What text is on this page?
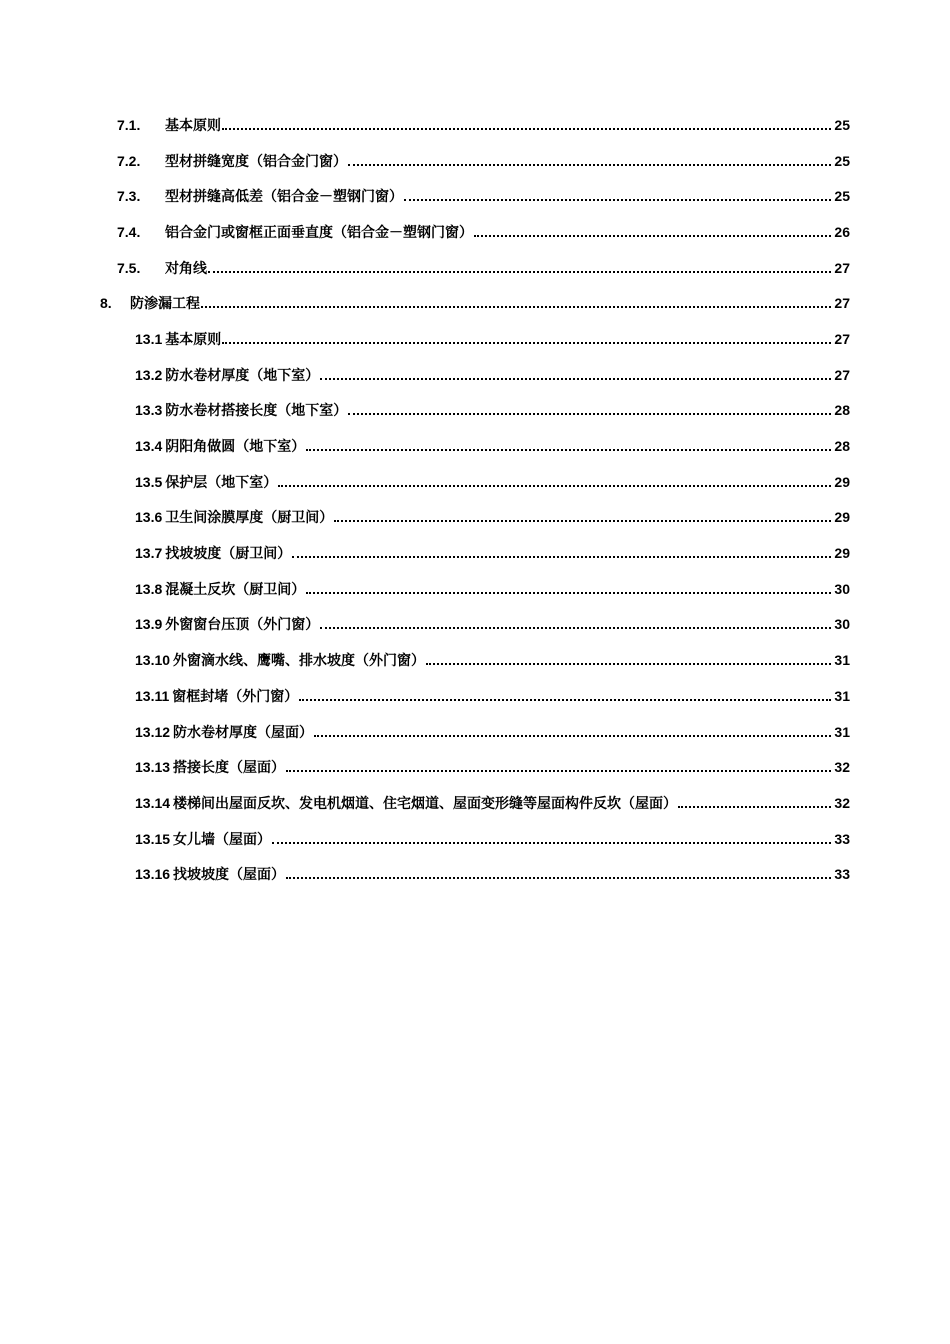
7.1.	基本原则	25
7.2.	型材拼缝宽度（铝合金门窗）	25
7.3.	型材拼缝高低差（铝合金－塑钢门窗）	25
7.4.	铝合金门或窗框正面垂直度（铝合金－塑钢门窗）	26
7.5.	对角线	27
8.	防渗漏工程	27
13.1 基本原则	27
13.2 防水卷材厚度（地下室）	27
13.3 防水卷材搭接长度（地下室）	28
13.4 阴阳角做圆（地下室）	28
13.5 保护层（地下室）	29
13.6 卫生间涂膜厚度（厨卫间）	29
13.7 找坡坡度（厨卫间）	29
13.8 混凝土反坎（厨卫间）	30
13.9 外窗窗台压顶（外门窗）	30
13.10 外窗滴水线、鹰嘴、排水坡度（外门窗）	31
13.11 窗框封堵（外门窗）	31
13.12 防水卷材厚度（屋面）	31
13.13 搭接长度（屋面）	32
13.14 楼梯间出屋面反坎、发电机烟道、住宅烟道、屋面变形缝等屋面构件反坎（屋面）	32
13.15 女儿墙（屋面）	33
13.16 找坡坡度（屋面）	33
